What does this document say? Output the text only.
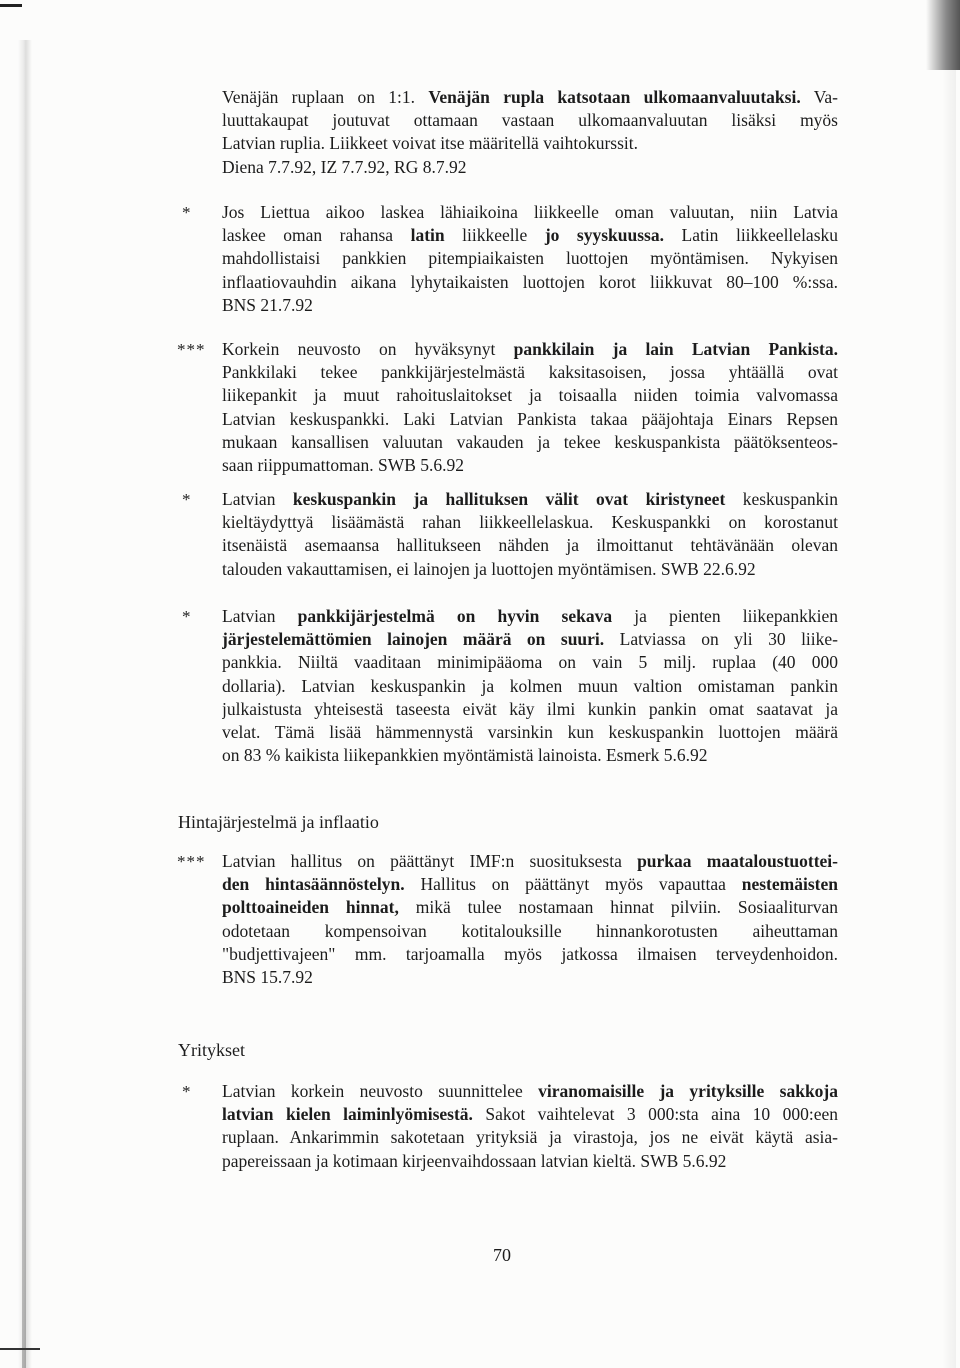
Venäjän ruplaan on 1:1. Venäjän rupla katsotaan ulkomaanvaluutaksi. Va-
luuttakaupat joutuvat ottamaan vastaan ulkomaanvaluutan lisäksi myös
Latvian ruplia. Liikkeet voivat itse määritellä vaihtokurssit.
Diena 7.7.92, IZ 7.7.92, RG 8.7.92
* Jos Liettua aikoo laskea lähiaikoina liikkeelle oman valuutan, niin Latvia
laskee oman rahansa latin liikkeelle jo syyskuussa. Latin liikkeellelasku
mahdollistaisi pankkien pitempiaikaisten luottojen myöntämisen. Nykyisen
inflaatiovauhdin aikana lyhytaikaisten luottojen korot liikkuvat 80–100 %:ssa.
BNS 21.7.92
*** Korkein neuvosto on hyväksynyt pankkilain ja lain Latvian Pankista.
Pankkilaki tekee pankkijärjestelmästä kaksitasoisen, jossa yhtäällä ovat
liikepankit ja muut rahoituslaitokset ja toisaalla niiden toimia valvomassa
Latvian keskuspankki. Laki Latvian Pankista takaa pääjohtaja Einars Repsen
mukaan kansallisen valuutan vakauden ja tekee keskuspankista päätöksenteos-
saan riippumattoman. SWB 5.6.92
* Latvian keskuspankin ja hallituksen välit ovat kiristyneet keskuspankin
kieltäydyttyä lisäämästä rahan liikkeellelaskua. Keskuspankki on korostanut
itsenäistä asemaansa hallitukseen nähden ja ilmoittanut tehtävänään olevan
talouden vakauttamisen, ei lainojen ja luottojen myöntämisen. SWB 22.6.92
* Latvian pankkijärjestelmä on hyvin sekava ja pienten liikepankkien
järjestelemättömien lainojen määrä on suuri. Latviassa on yli 30 liike-
pankkia. Niiltä vaaditaan minimipääoma on vain 5 milj. ruplaa (40 000
dollaria). Latvian keskuspankin ja kolmen muun valtion omistaman pankin
julkaistusta yhteisestä taseesta eivät käy ilmi kunkin pankin omat saatavat ja
velat. Tämä lisää hämmennystä varsinkin kun keskuspankin luottojen määrä
on 83 % kaikista liikepankkien myöntämistä lainoista. Esmerk 5.6.92
Hintajärjestelmä ja inflaatio
*** Latvian hallitus on päättänyt IMF:n suosituksesta purkaa maataloustuottei-
den hintasäännöstelyn. Hallitus on päättänyt myös vapauttaa nestemäisten
polttoaineiden hinnat, mikä tulee nostamaan hinnat pilviin. Sosiaaliturvan
odotetaan kompensoivan kotitalouksille hinnankorotusten aiheuttaman
"budjettivajeen" mm. tarjoamalla myös jatkossa ilmaisen terveydenhoidon.
BNS 15.7.92
Yritykset
* Latvian korkein neuvosto suunnittelee viranomaisille ja yrityksille sakkoja
latvian kielen laiminlyömisestä. Sakot vaihtelevat 3 000:sta aina 10 000:een
ruplaan. Ankarimmin sakotetaan yrityksiä ja virastoja, jos ne eivät käytä asia-
papereissaan ja kotimaan kirjeenvaihdossaan latvian kieltä. SWB 5.6.92
70
